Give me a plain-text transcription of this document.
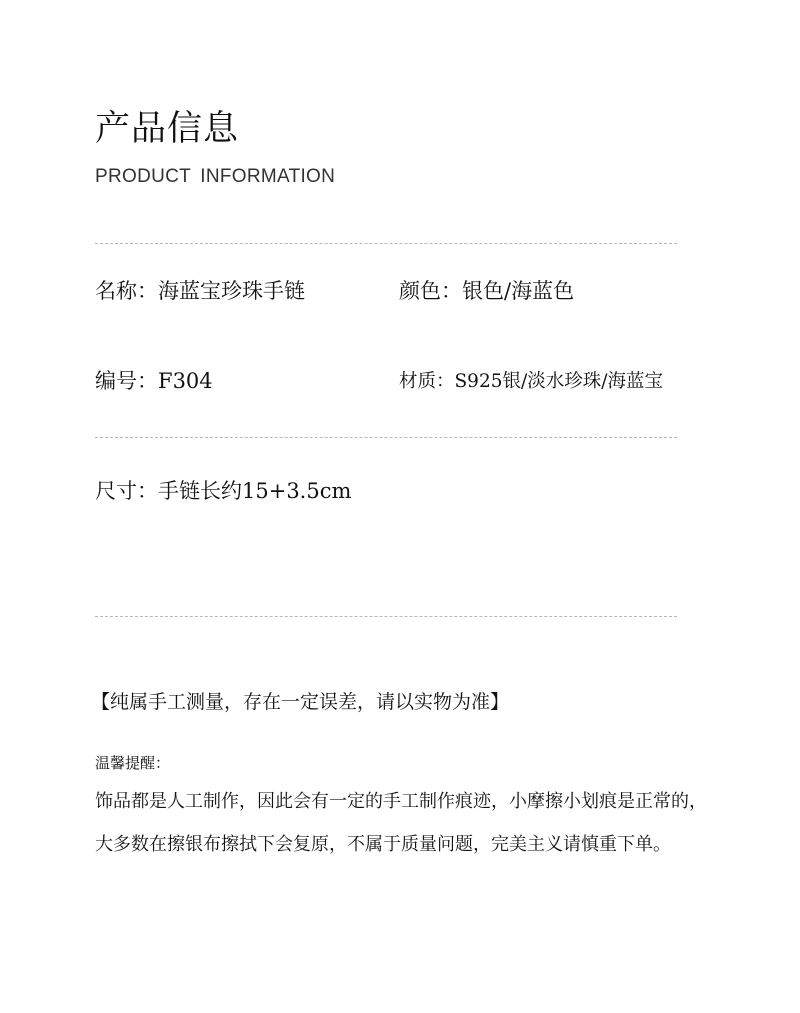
产品信息
PRODUCT INFORMATION
名称：海蓝宝珍珠手链	颜色：银色/海蓝色
编号：F304	材质：S925银/淡水珍珠/海蓝宝
尺寸：手链长约15+3.5cm
【纯属手工测量，存在一定误差，请以实物为准】
温馨提醒：
饰品都是人工制作，因此会有一定的手工制作痕迹，小摩擦小划痕是正常的，
大多数在擦银布擦拭下会复原，不属于质量问题，完美主义请慎重下单。
